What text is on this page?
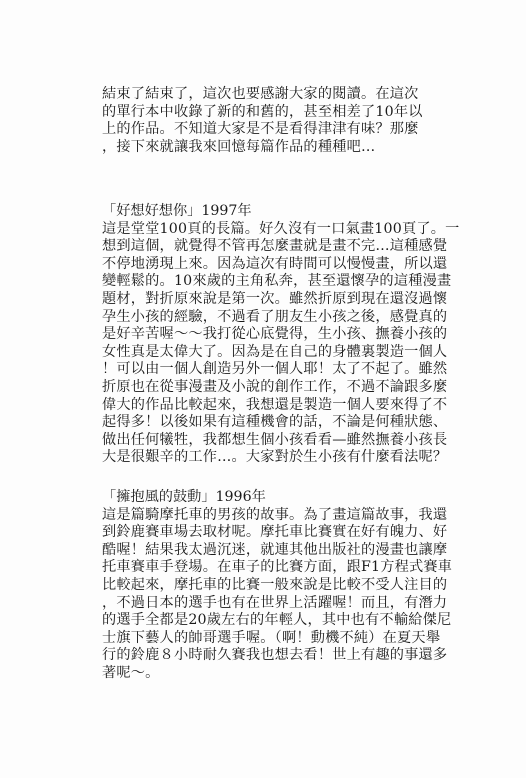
結束了結束了，這次也要感謝大家的閱讀。在這次
的單行本中收錄了新的和舊的，甚至相差了10年以
上的作品。不知道大家是不是看得津津有味？那麼
，接下來就讓我來回憶每篇作品的種種吧…
「好想好想你」1997年
這是堂堂100頁的長篇。好久沒有一口氣畫100頁了。一
想到這個，就覺得不管再怎麼畫就是畫不完…這種感覺
不停地湧現上來。因為這次有時間可以慢慢畫，所以還
變輕鬆的。10來歲的主角私奔，甚至還懷孕的這種漫畫
題材，對折原來說是第一次。雖然折原到現在還沒過懷
孕生小孩的經驗，不過看了朋友生小孩之後，感覺真的
是好辛苦喔～～我打從心底覺得，生小孩、撫養小孩的
女性真是太偉大了。因為是在自己的身體裏製造一個人
！可以由一個人創造另外一個人耶！太了不起了。雖然
折原也在從事漫畫及小說的創作工作，不過不論跟多麼
偉大的作品比較起來，我想還是製造一個人要來得了不
起得多！以後如果有這種機會的話，不論是何種狀態、
做出任何犧牲，我都想生個小孩看看—雖然撫養小孩長
大是很艱辛的工作…。大家對於生小孩有什麼看法呢？
「擁抱風的鼓動」1996年
這是篇騎摩托車的男孩的故事。為了畫這篇故事，我還
到鈴鹿賽車場去取材呢。摩托車比賽實在好有魄力、好
酷喔！結果我太過沉迷，就連其他出版社的漫畫也讓摩
托車賽車手登場。在車子的比賽方面，跟F1方程式賽車
比較起來，摩托車的比賽一般來說是比較不受人注目的
，不過日本的選手也有在世界上活躍喔！而且，有潛力
的選手全都是20歲左右的年輕人，其中也有不輸給傑尼
士旗下藝人的帥哥選手喔。（啊！動機不純）在夏天舉
行的鈴鹿８小時耐久賽我也想去看！世上有趣的事還多
著呢～。
